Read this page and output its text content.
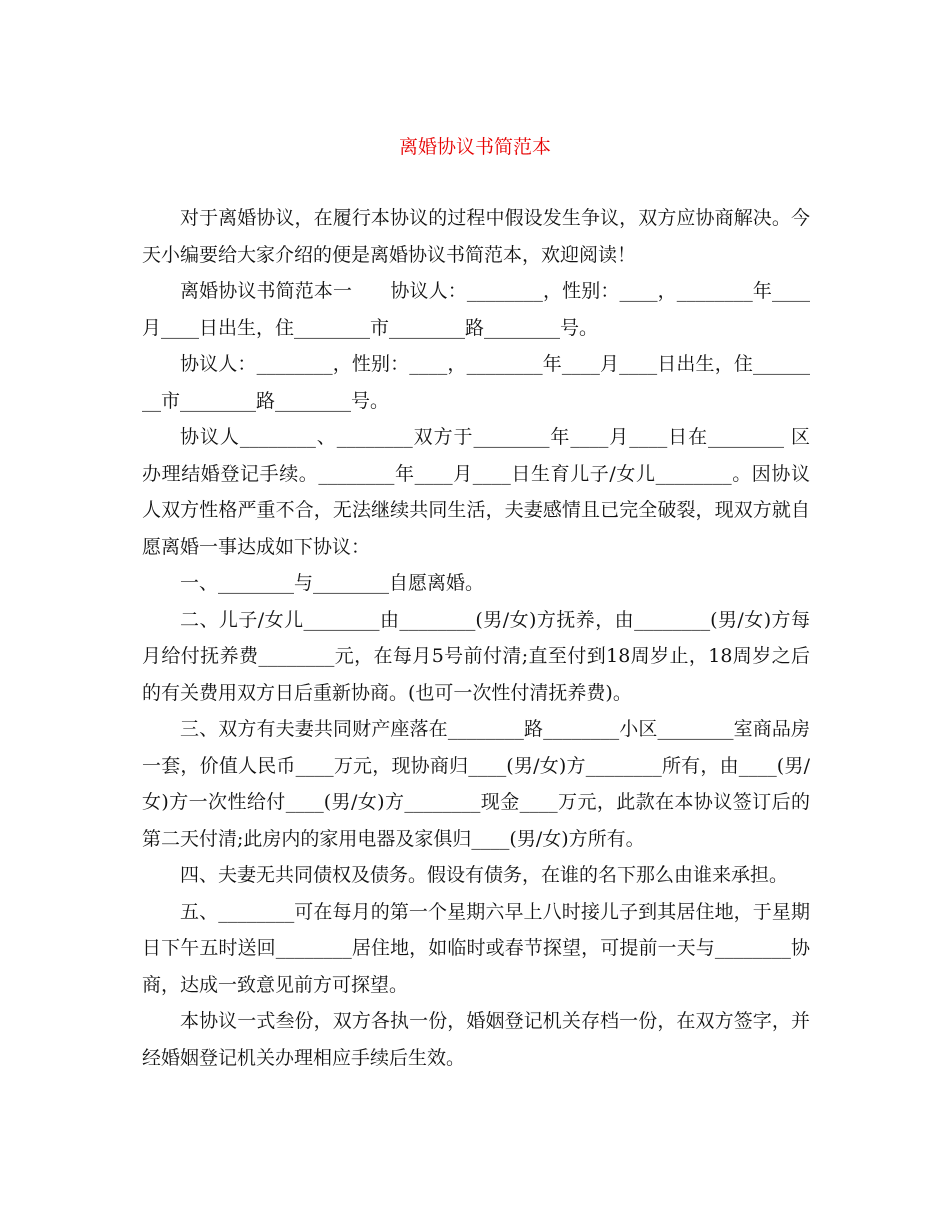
离婚协议书简范本

对于离婚协议，在履行本协议的过程中假设发生争议，双方应协商解决。今天小编要给大家介绍的便是离婚协议书简范本，欢迎阅读！

离婚协议书简范本一　　协议人：________，性别：____，________年____月____日出生，住________市________路________号。

协议人：________，性别：____，________年____月____日出生，住________市________路________号。

协议人________、________双方于________年____月____日在________ 区办理结婚登记手续。________年____月____日生育儿子/女儿________。因协议人双方性格严重不合，无法继续共同生活，夫妻感情且已完全破裂，现双方就自愿离婚一事达成如下协议：

一、________与________自愿离婚。

二、儿子/女儿________由________(男/女)方抚养，由________(男/女)方每月给付抚养费________元，在每月5号前付清;直至付到18周岁止，18周岁之后的有关费用双方日后重新协商。(也可一次性付清抚养费)。

三、双方有夫妻共同财产座落在________路________小区________室商品房一套，价值人民币____万元，现协商归____(男/女)方________所有，由____(男/女)方一次性给付____(男/女)方________现金____万元，此款在本协议签订后的第二天付清;此房内的家用电器及家俱归____(男/女)方所有。

四、夫妻无共同债权及债务。假设有债务，在谁的名下那么由谁来承担。

五、________可在每月的第一个星期六早上八时接儿子到其居住地，于星期日下午五时送回________居住地，如临时或春节探望，可提前一天与________协商，达成一致意见前方可探望。

本协议一式叁份，双方各执一份，婚姻登记机关存档一份，在双方签字，并经婚姻登记机关办理相应手续后生效。
